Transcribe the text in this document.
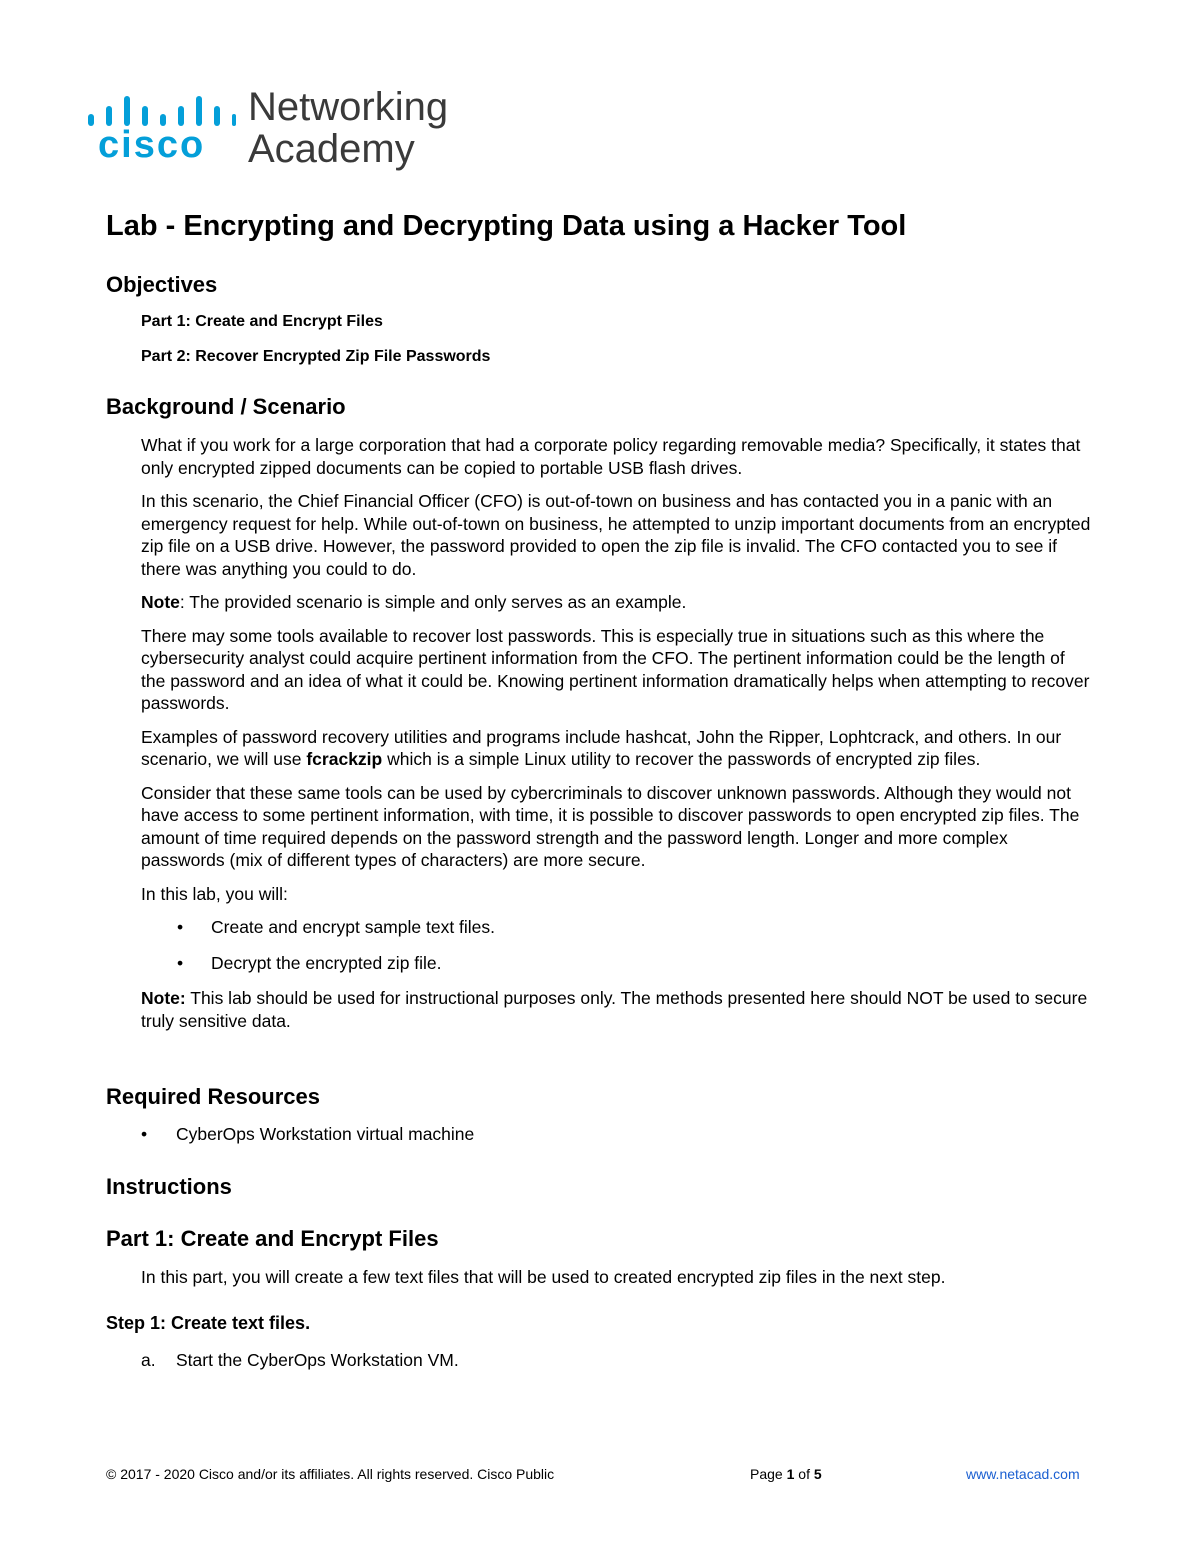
cisco
Networking
Academy
Lab - Encrypting and Decrypting Data using a Hacker Tool
Objectives
Part 1: Create and Encrypt Files
Part 2: Recover Encrypted Zip File Passwords
Background / Scenario

What if you work for a large corporation that had a corporate policy regarding removable media? Specifically, it states that only encrypted zipped documents can be copied to portable USB flash drives.

In this scenario, the Chief Financial Officer (CFO) is out-of-town on business and has contacted you in a panic with an emergency request for help. While out-of-town on business, he attempted to unzip important documents from an encrypted zip file on a USB drive. However, the password provided to open the zip file is invalid. The CFO contacted you to see if there was anything you could to do.

Note: The provided scenario is simple and only serves as an example.

There may some tools available to recover lost passwords. This is especially true in situations such as this where the cybersecurity analyst could acquire pertinent information from the CFO. The pertinent information could be the length of the password and an idea of what it could be. Knowing pertinent information dramatically helps when attempting to recover passwords.

Examples of password recovery utilities and programs include hashcat, John the Ripper, Lophtcrack, and others. In our scenario, we will use fcrackzip which is a simple Linux utility to recover the passwords of encrypted zip files.

Consider that these same tools can be used by cybercriminals to discover unknown passwords. Although they would not have access to some pertinent information, with time, it is possible to discover passwords to open encrypted zip files. The amount of time required depends on the password strength and the password length. Longer and more complex passwords (mix of different types of characters) are more secure.

In this lab, you will:

• Create and encrypt sample text files.
• Decrypt the encrypted zip file.

Note: This lab should be used for instructional purposes only. The methods presented here should NOT be used to secure truly sensitive data.

Required Resources
• CyberOps Workstation virtual machine
Instructions
Part 1: Create and Encrypt Files
In this part, you will create a few text files that will be used to created encrypted zip files in the next step.
Step 1: Create text files.
a. Start the CyberOps Workstation VM.
© 2017 - 2020 Cisco and/or its affiliates. All rights reserved. Cisco Public	Page 1 of 5	www.netacad.com
